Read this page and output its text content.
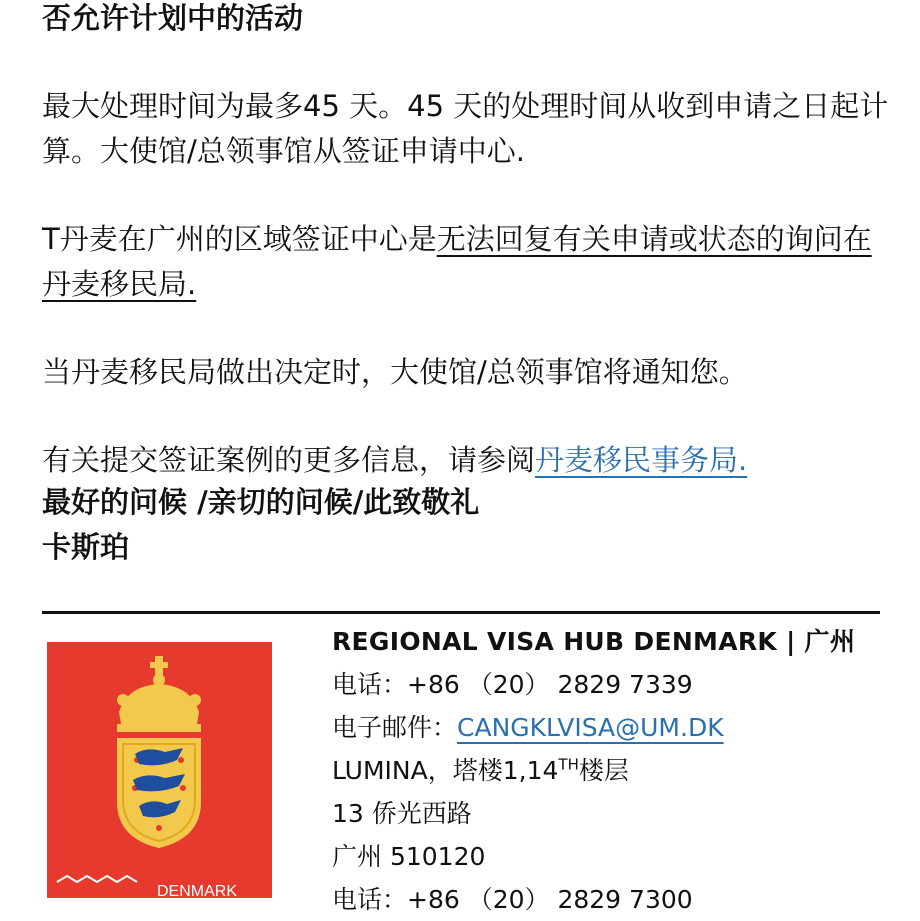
否允许计划中的活动

最大处理时间为最多45 天。45 天的处理时间从收到申请之日起计算。大使馆/总领事馆从签证申请中心.

T丹麦在广州的区域签证中心是无法回复有关申请或状态的询问在丹麦移民局.

当丹麦移民局做出决定时，大使馆/总领事馆将通知您。

有关提交签证案例的更多信息，请参阅丹麦移民事务局.

最好的问候 /亲切的问候/此致敬礼

卡斯珀

DENMARK

REGIONAL VISA HUB DENMARK | 广州

电话：+86 （20） 2829 7339

电子邮件：CANGKLVISA@UM.DK

LUMINA，塔楼1,14TH楼层

13 侨光西路

广州 510120

电话：+86 （20） 2829 7300
